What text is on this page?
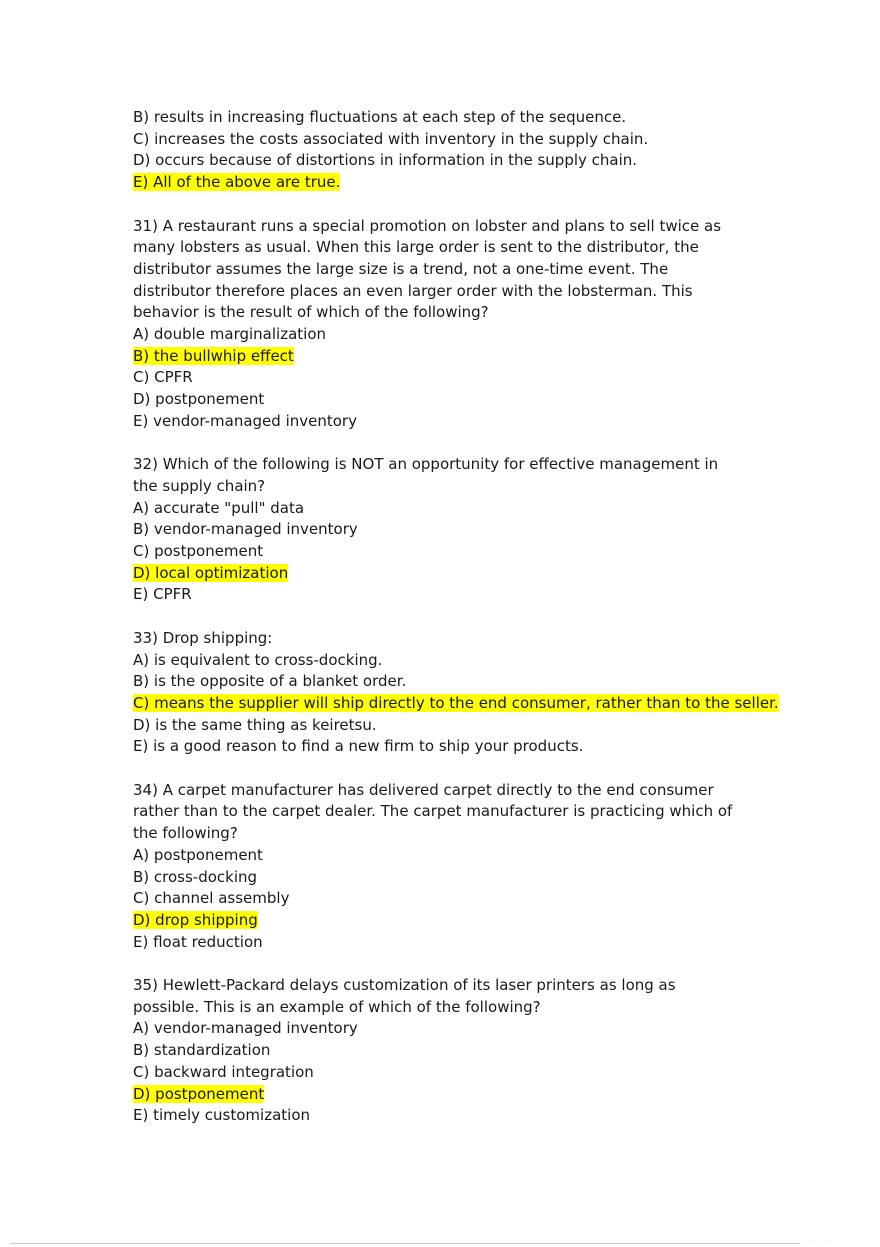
B) results in increasing fluctuations at each step of the sequence.
C) increases the costs associated with inventory in the supply chain.
D) occurs because of distortions in information in the supply chain.
E) All of the above are true.
31) A restaurant runs a special promotion on lobster and plans to sell twice as many lobsters as usual. When this large order is sent to the distributor, the distributor assumes the large size is a trend, not a one-time event. The distributor therefore places an even larger order with the lobsterman. This behavior is the result of which of the following?
A) double marginalization
B) the bullwhip effect
C) CPFR
D) postponement
E) vendor-managed inventory
32) Which of the following is NOT an opportunity for effective management in the supply chain?
A) accurate "pull" data
B) vendor-managed inventory
C) postponement
D) local optimization
E) CPFR
33) Drop shipping:
A) is equivalent to cross-docking.
B) is the opposite of a blanket order.
C) means the supplier will ship directly to the end consumer, rather than to the seller.
D) is the same thing as keiretsu.
E) is a good reason to find a new firm to ship your products.
34) A carpet manufacturer has delivered carpet directly to the end consumer rather than to the carpet dealer. The carpet manufacturer is practicing which of the following?
A) postponement
B) cross-docking
C) channel assembly
D) drop shipping
E) float reduction
35) Hewlett-Packard delays customization of its laser printers as long as possible. This is an example of which of the following?
A) vendor-managed inventory
B) standardization
C) backward integration
D) postponement
E) timely customization
· · · · · ·
